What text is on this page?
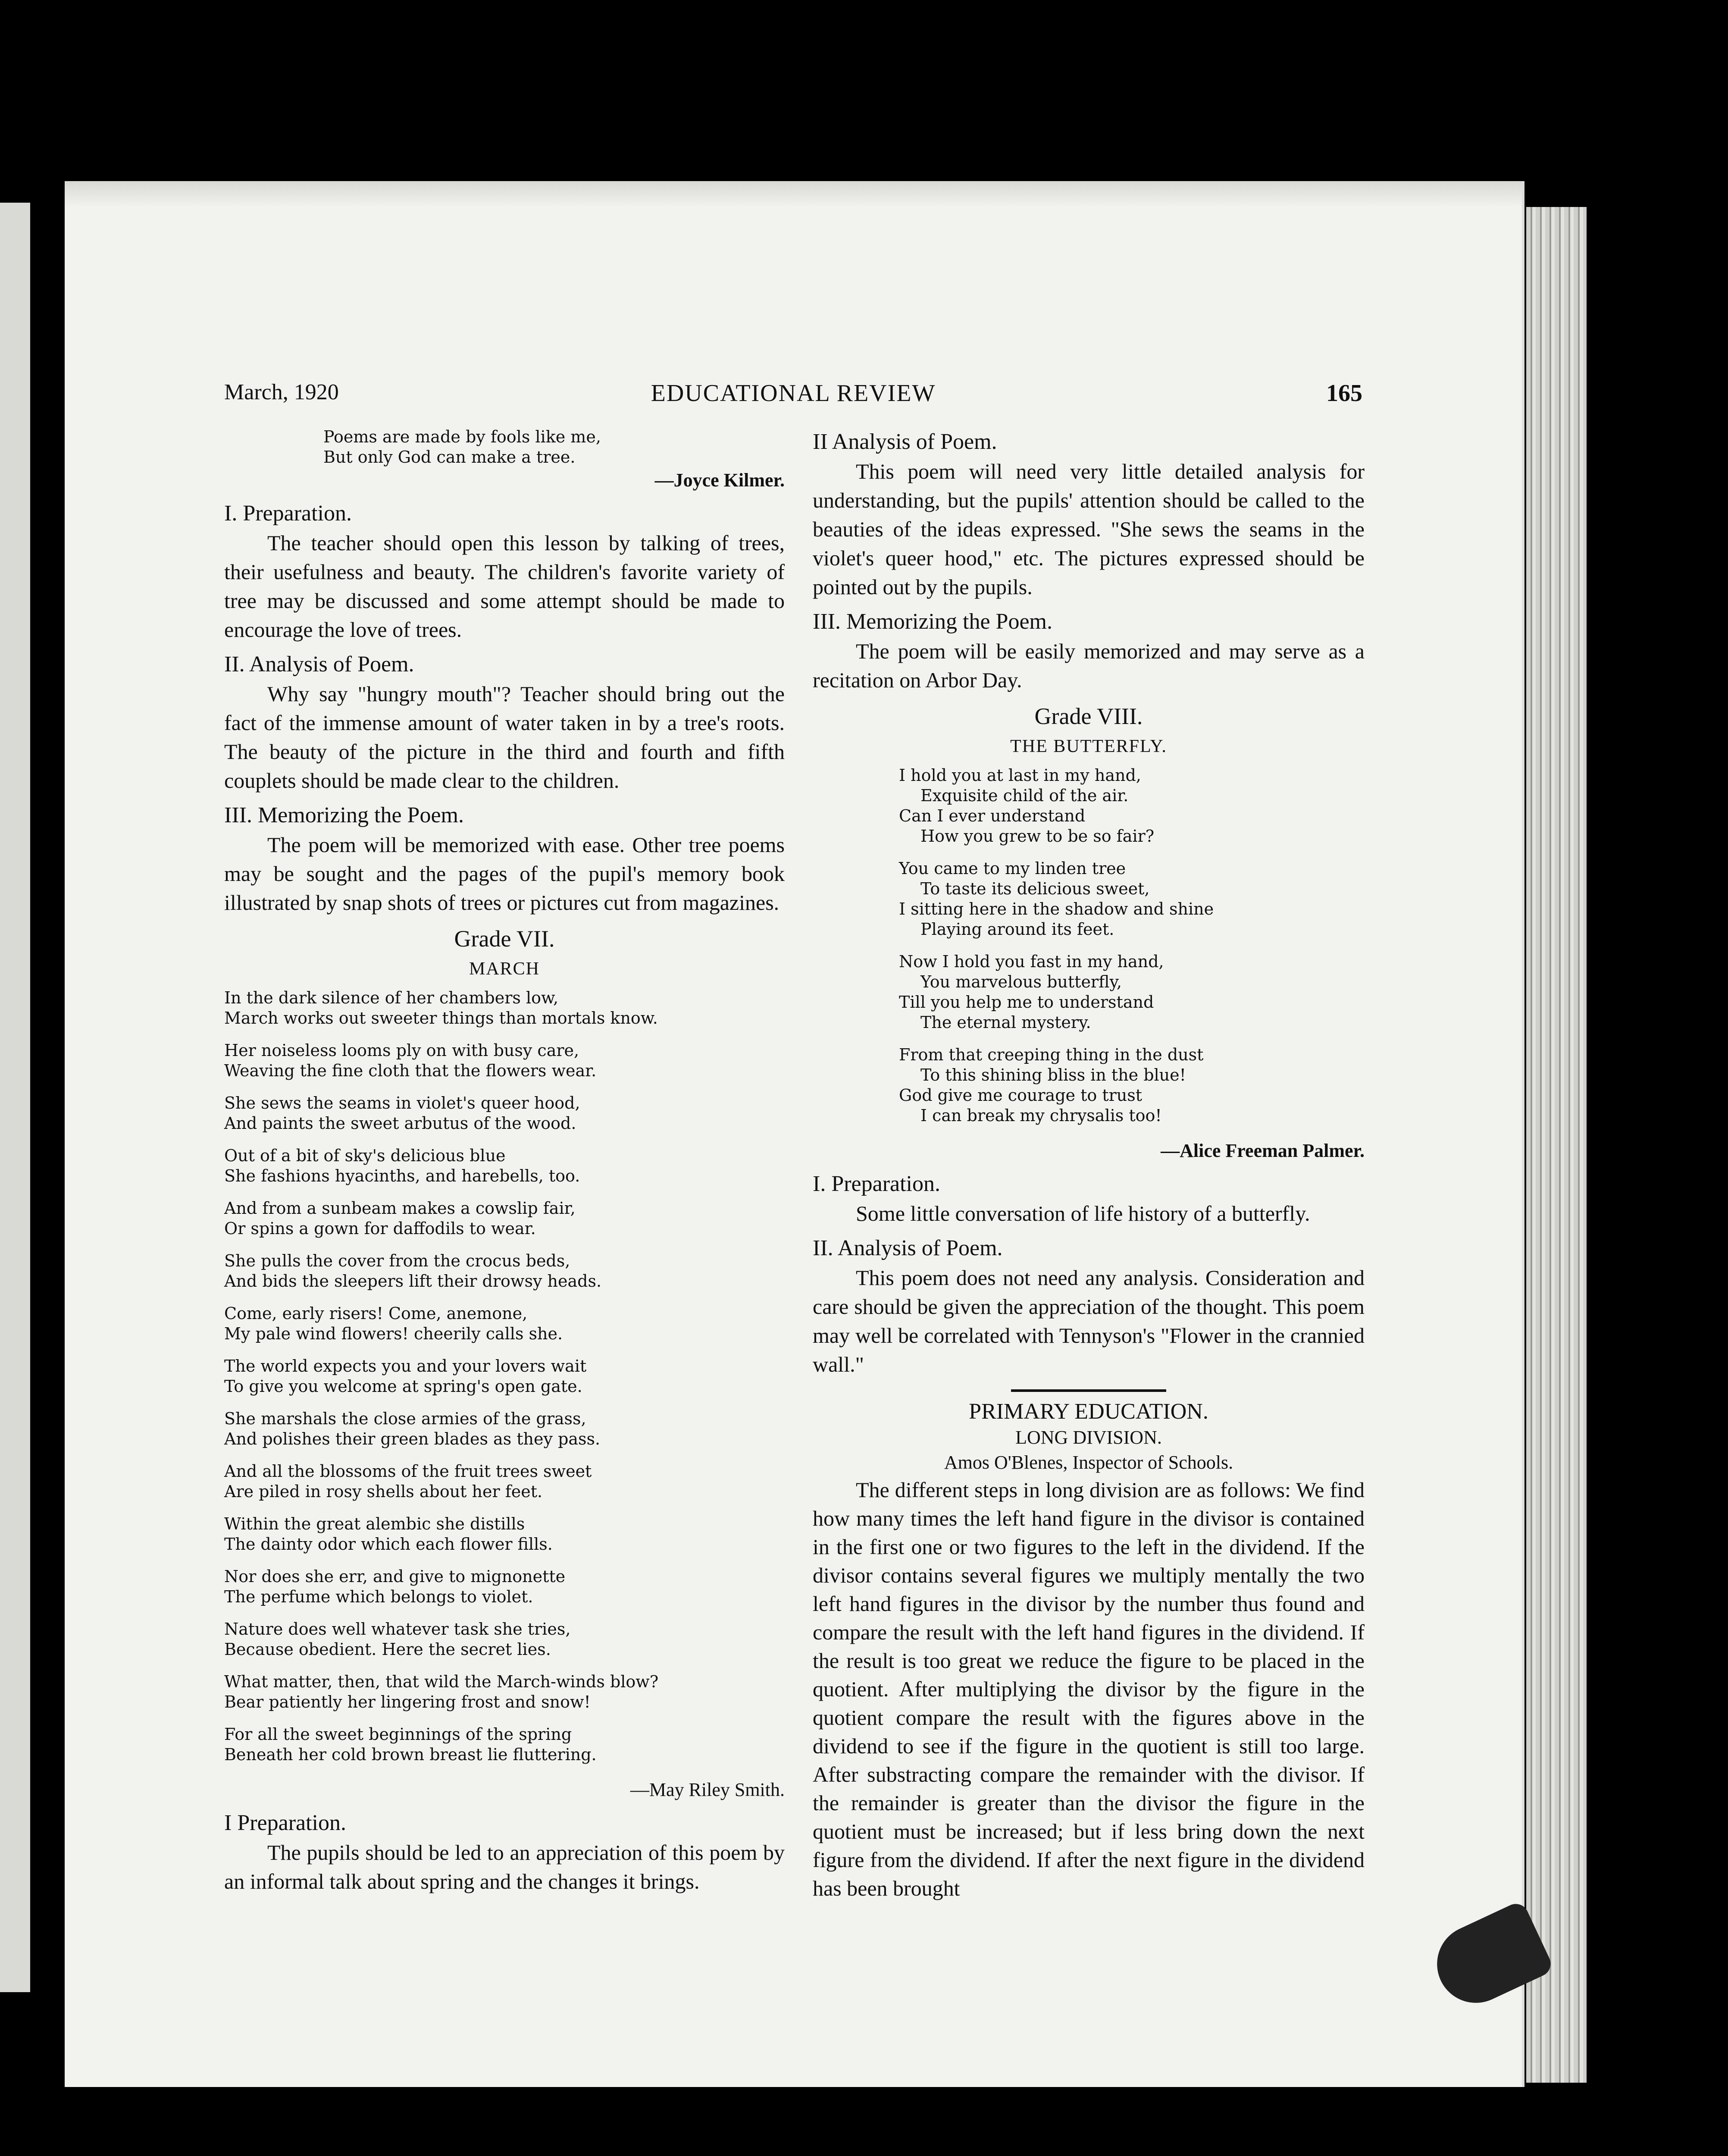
March, 1920	EDUCATIONAL REVIEW	165
Poems are made by fools like me,
But only God can make a tree.
—Joyce Kilmer.
I. Preparation.

The teacher should open this lesson by talking of trees, their usefulness and beauty. The children's favorite variety of tree may be discussed and some attempt should be made to encourage the love of trees.

II. Analysis of Poem.

Why say "hungry mouth"? Teacher should bring out the fact of the immense amount of water taken in by a tree's roots. The beauty of the picture in the third and fourth and fifth couplets should be made clear to the children.

III. Memorizing the Poem.

The poem will be memorized with ease. Other tree poems may be sought and the pages of the pupil's memory book illustrated by snap shots of trees or pictures cut from magazines.

Grade VII.
MARCH
In the dark silence of her chambers low,
March works out sweeter things than mortals know.
Her noiseless looms ply on with busy care,
Weaving the fine cloth that the flowers wear.
She sews the seams in violet's queer hood,
And paints the sweet arbutus of the wood.
Out of a bit of sky's delicious blue
She fashions hyacinths, and harebells, too.
And from a sunbeam makes a cowslip fair,
Or spins a gown for daffodils to wear.
She pulls the cover from the crocus beds,
And bids the sleepers lift their drowsy heads.
Come, early risers! Come, anemone,
My pale wind flowers! cheerily calls she.
The world expects you and your lovers wait
To give you welcome at spring's open gate.
She marshals the close armies of the grass,
And polishes their green blades as they pass.
And all the blossoms of the fruit trees sweet
Are piled in rosy shells about her feet.
Within the great alembic she distills
The dainty odor which each flower fills.
Nor does she err, and give to mignonette
The perfume which belongs to violet.
Nature does well whatever task she tries,
Because obedient. Here the secret lies.
What matter, then, that wild the March-winds blow?
Bear patiently her lingering frost and snow!
For all the sweet beginnings of the spring
Beneath her cold brown breast lie fluttering.
—May Riley Smith.
I Preparation.

The pupils should be led to an appreciation of this poem by an informal talk about spring and the changes it brings.

II Analysis of Poem.

This poem will need very little detailed analysis for understanding, but the pupils' attention should be called to the beauties of the ideas expressed. "She sews the seams in the violet's queer hood," etc. The pictures expressed should be pointed out by the pupils.

III. Memorizing the Poem.

The poem will be easily memorized and may serve as a recitation on Arbor Day.

Grade VIII.
THE BUTTERFLY.
I hold you at last in my hand,
Exquisite child of the air.
Can I ever understand
How you grew to be so fair?
You came to my linden tree
To taste its delicious sweet,
I sitting here in the shadow and shine
Playing around its feet.
Now I hold you fast in my hand,
You marvelous butterfly,
Till you help me to understand
The eternal mystery.
From that creeping thing in the dust
To this shining bliss in the blue!
God give me courage to trust
I can break my chrysalis too!
—Alice Freeman Palmer.
I. Preparation.

Some little conversation of life history of a butterfly.

II. Analysis of Poem.

This poem does not need any analysis. Consideration and care should be given the appreciation of the thought. This poem may well be correlated with Tennyson's "Flower in the crannied wall."

PRIMARY EDUCATION.
LONG DIVISION.
Amos O'Blenes, Inspector of Schools.

The different steps in long division are as follows: We find how many times the left hand figure in the divisor is contained in the first one or two figures to the left in the dividend. If the divisor contains several figures we multiply mentally the two left hand figures in the divisor by the number thus found and compare the result with the left hand figures in the dividend. If the result is too great we reduce the figure to be placed in the quotient. After multiplying the divisor by the figure in the quotient compare the result with the figures above in the dividend to see if the figure in the quotient is still too large. After substracting compare the remainder with the divisor. If the remainder is greater than the divisor the figure in the quotient must be increased; but if less bring down the next figure from the dividend. If after the next figure in the dividend has been brought
